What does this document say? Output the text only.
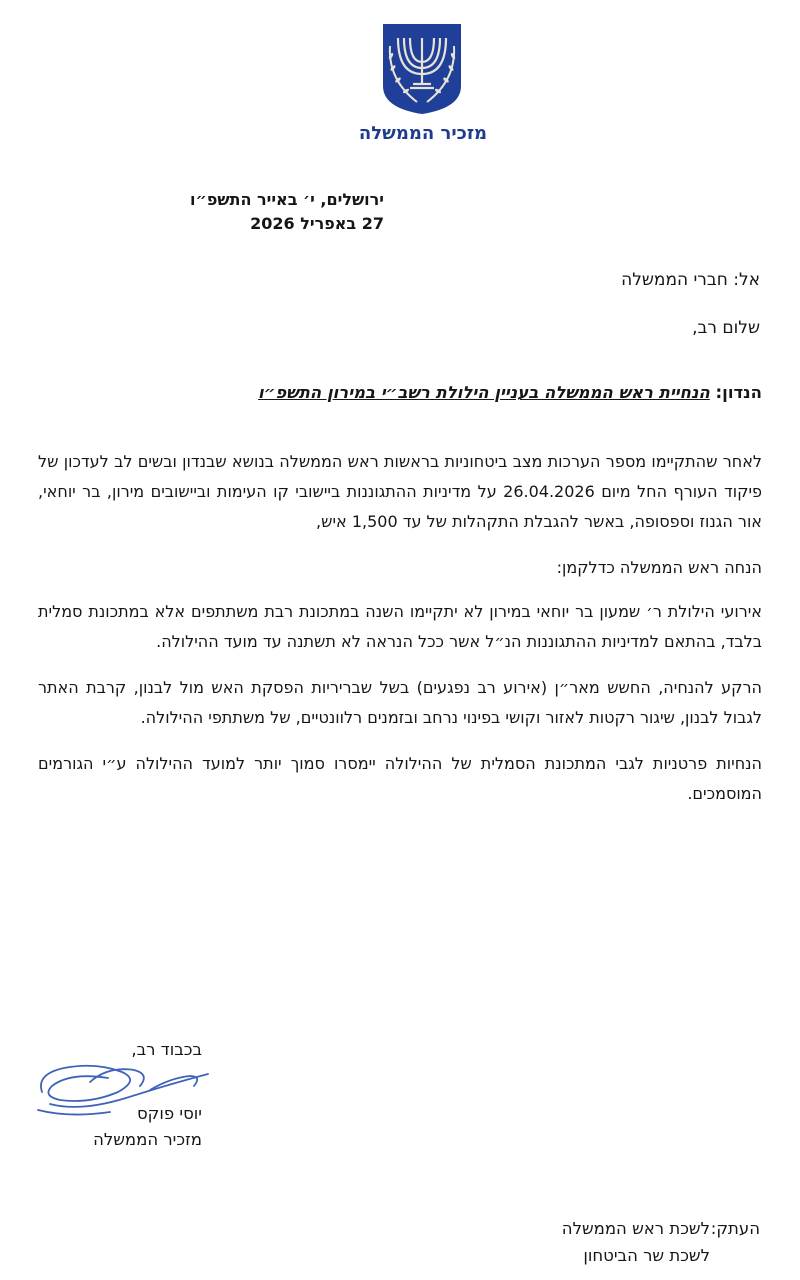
מזכיר הממשלה
ירושלים, י׳ באייר התשפ״ו
27 באפריל 2026
אל: חברי הממשלה
שלום רב,
הנדון: הנחיית ראש הממשלה בעניין הילולת רשב״י במירון התשפ״ו

לאחר שהתקיימו מספר הערכות מצב ביטחוניות בראשות ראש הממשלה בנושא שבנדון ובשים לב לעדכון של פיקוד העורף החל מיום 26.04.2026 על מדיניות ההתגוננות ביישובי קו העימות וביישובים מירון, בר יוחאי, אור הגנוז וספסופה, באשר להגבלת התקהלות של עד 1,500 איש,

הנחה ראש הממשלה כדלקמן:

אירועי הילולת ר׳ שמעון בר יוחאי במירון לא יתקיימו השנה במתכונת רבת משתתפים אלא במתכונת סמלית בלבד, בהתאם למדיניות ההתגוננות הנ״ל אשר ככל הנראה לא תשתנה עד מועד ההילולה.

הרקע להנחיה, החשש מאר״ן (אירוע רב נפגעים) בשל שבריריות הפסקת האש מול לבנון, קרבת האתר לגבול לבנון, שיגור רקטות לאזור וקושי בפינוי נרחב ובזמנים רלוונטיים, של משתתפי ההילולה.

הנחיות פרטניות לגבי המתכונת הסמלית של ההילולה יימסרו סמוך יותר למועד ההילולה ע״י הגורמים המוסמכים.

בכבוד רב,
יוסי פוקס
מזכיר הממשלה
העתק:
לשכת ראש הממשלה
לשכת שר הביטחון
